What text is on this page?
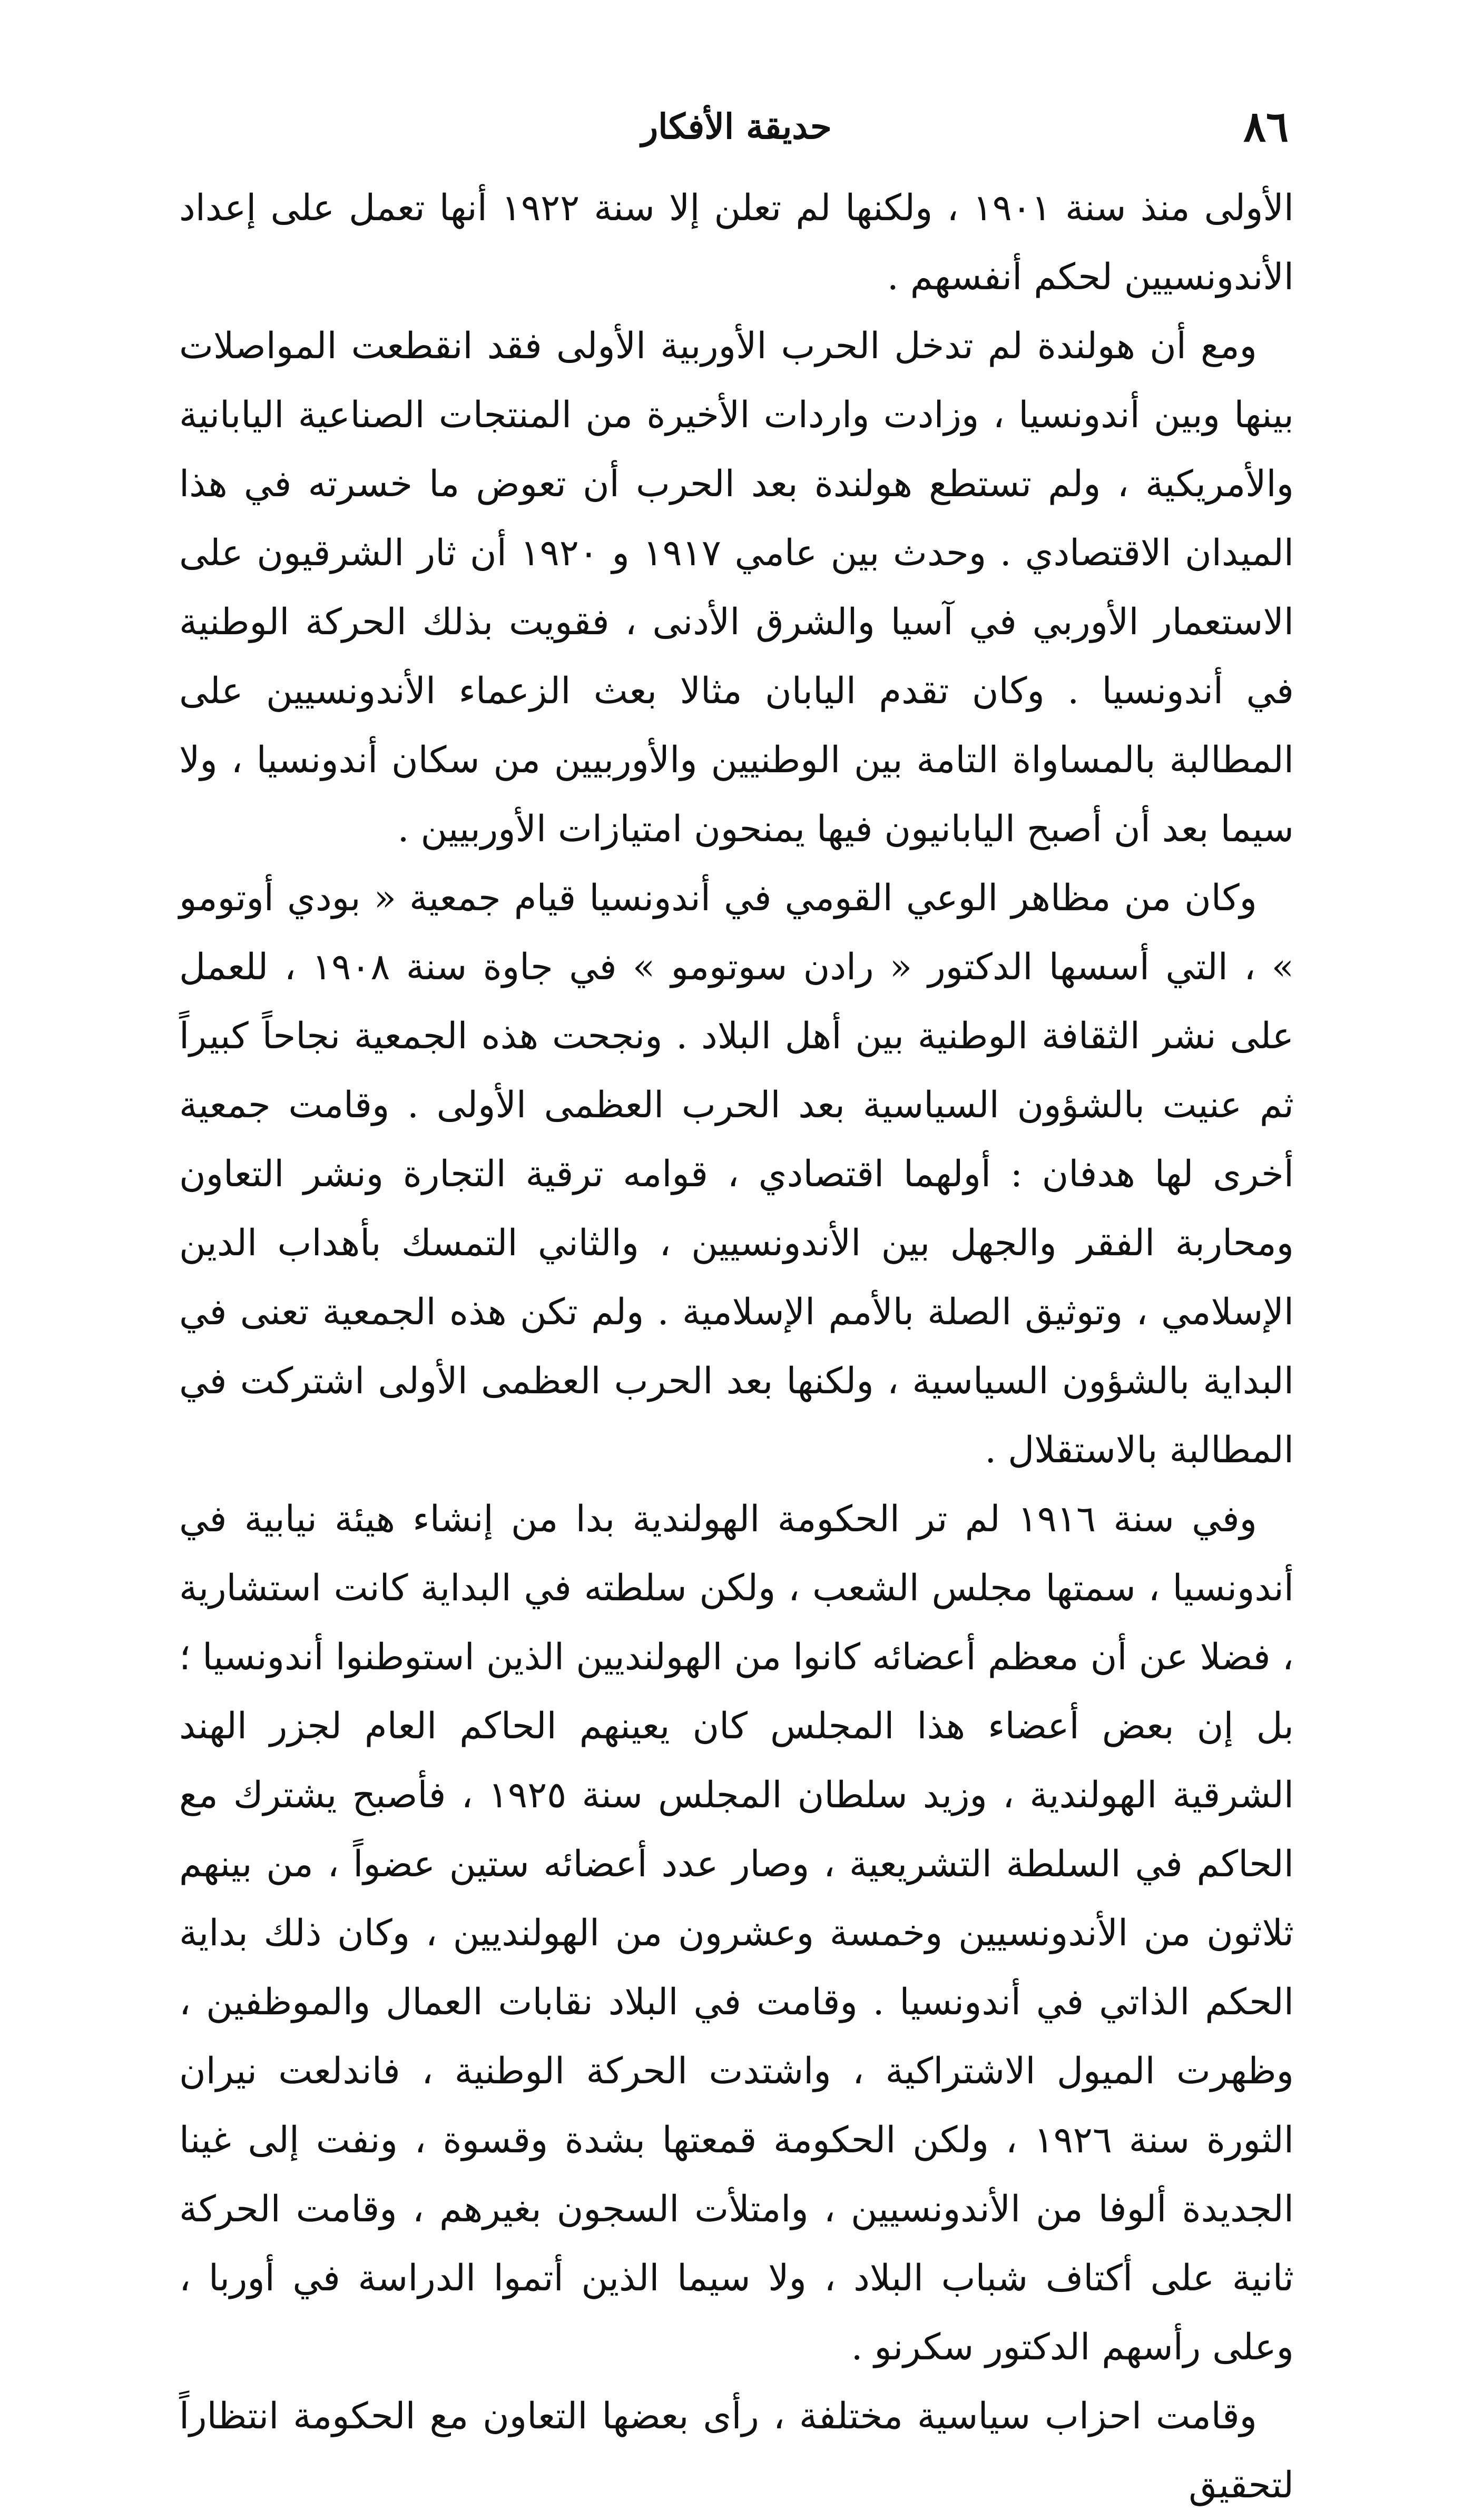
٨٦
حديقة الأفكار

الأولى منذ سنة ١٩٠١ ، ولكنها لم تعلن إلا سنة ١٩٢٢ أنها تعمل على إعداد الأندونسيين لحكم أنفسهم .

ومع أن هولندة لم تدخل الحرب الأوربية الأولى فقد انقطعت المواصلات بينها وبين أندونسيا ، وزادت واردات الأخيرة من المنتجات الصناعية اليابانية والأمريكية ، ولم تستطع هولندة بعد الحرب أن تعوض ما خسرته في هذا الميدان الاقتصادي . وحدث بين عامي ١٩١٧ و ١٩٢٠ أن ثار الشرقيون على الاستعمار الأوربي في آسيا والشرق الأدنى ، فقويت بذلك الحركة الوطنية في أندونسيا . وكان تقدم اليابان مثالا بعث الزعماء الأندونسيين على المطالبة بالمساواة التامة بين الوطنيين والأوربيين من سكان أندونسيا ، ولا سيما بعد أن أصبح اليابانيون فيها يمنحون امتيازات الأوربيين .

وكان من مظاهر الوعي القومي في أندونسيا قيام جمعية « بودي أوتومو » ، التي أسسها الدكتور « رادن سوتومو » في جاوة سنة ١٩٠٨ ، للعمل على نشر الثقافة الوطنية بين أهل البلاد . ونجحت هذه الجمعية نجاحاً كبيراً ثم عنيت بالشؤون السياسية بعد الحرب العظمى الأولى . وقامت جمعية أخرى لها هدفان : أولهما اقتصادي ، قوامه ترقية التجارة ونشر التعاون ومحاربة الفقر والجهل بين الأندونسيين ، والثاني التمسك بأهداب الدين الإسلامي ، وتوثيق الصلة بالأمم الإسلامية . ولم تكن هذه الجمعية تعنى في البداية بالشؤون السياسية ، ولكنها بعد الحرب العظمى الأولى اشتركت في المطالبة بالاستقلال .

وفي سنة ١٩١٦ لم تر الحكومة الهولندية بدا من إنشاء هيئة نيابية في أندونسيا ، سمتها مجلس الشعب ، ولكن سلطته في البداية كانت استشارية ، فضلا عن أن معظم أعضائه كانوا من الهولنديين الذين استوطنوا أندونسيا ؛ بل إن بعض أعضاء هذا المجلس كان يعينهم الحاكم العام لجزر الهند الشرقية الهولندية ، وزيد سلطان المجلس سنة ١٩٢٥ ، فأصبح يشترك مع الحاكم في السلطة التشريعية ، وصار عدد أعضائه ستين عضواً ، من بينهم ثلاثون من الأندونسيين وخمسة وعشرون من الهولنديين ، وكان ذلك بداية الحكم الذاتي في أندونسيا . وقامت في البلاد نقابات العمال والموظفين ، وظهرت الميول الاشتراكية ، واشتدت الحركة الوطنية ، فاندلعت نيران الثورة سنة ١٩٢٦ ، ولكن الحكومة قمعتها بشدة وقسوة ، ونفت إلى غينا الجديدة ألوفا من الأندونسيين ، وامتلأت السجون بغيرهم ، وقامت الحركة ثانية على أكتاف شباب البلاد ، ولا سيما الذين أتموا الدراسة في أوربا ، وعلى رأسهم الدكتور سكرنو .

وقامت احزاب سياسية مختلفة ، رأى بعضها التعاون مع الحكومة انتظاراً لتحقيق
